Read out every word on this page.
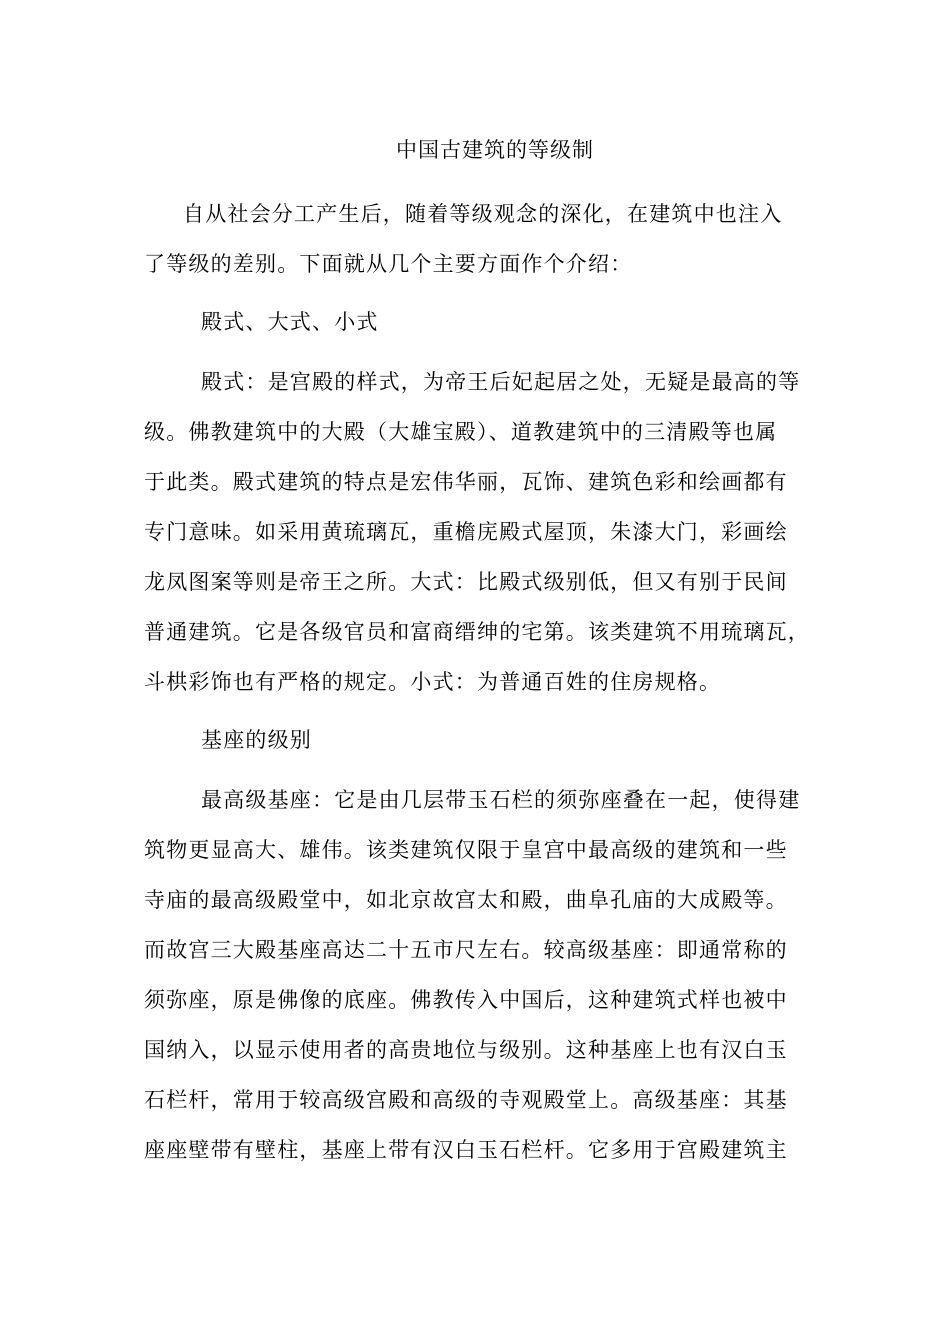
中国古建筑的等级制

自从社会分工产生后，随着等级观念的深化，在建筑中也注入

了等级的差别。下面就从几个主要方面作个介绍：

殿式、大式、小式

殿式：是宫殿的样式，为帝王后妃起居之处，无疑是最高的等

级。佛教建筑中的大殿（大雄宝殿）、道教建筑中的三清殿等也属

于此类。殿式建筑的特点是宏伟华丽，瓦饰、建筑色彩和绘画都有

专门意味。如采用黄琉璃瓦，重檐庑殿式屋顶，朱漆大门，彩画绘

龙凤图案等则是帝王之所。大式：比殿式级别低，但又有别于民间

普通建筑。它是各级官员和富商缙绅的宅第。该类建筑不用琉璃瓦，

斗栱彩饰也有严格的规定。小式：为普通百姓的住房规格。

基座的级别

最高级基座：它是由几层带玉石栏的须弥座叠在一起，使得建

筑物更显高大、雄伟。该类建筑仅限于皇宫中最高级的建筑和一些

寺庙的最高级殿堂中，如北京故宫太和殿，曲阜孔庙的大成殿等。

而故宫三大殿基座高达二十五市尺左右。较高级基座：即通常称的

须弥座，原是佛像的底座。佛教传入中国后，这种建筑式样也被中

国纳入，以显示使用者的高贵地位与级别。这种基座上也有汉白玉

石栏杆，常用于较高级宫殿和高级的寺观殿堂上。高级基座：其基

座座壁带有壁柱，基座上带有汉白玉石栏杆。它多用于宫殿建筑主
